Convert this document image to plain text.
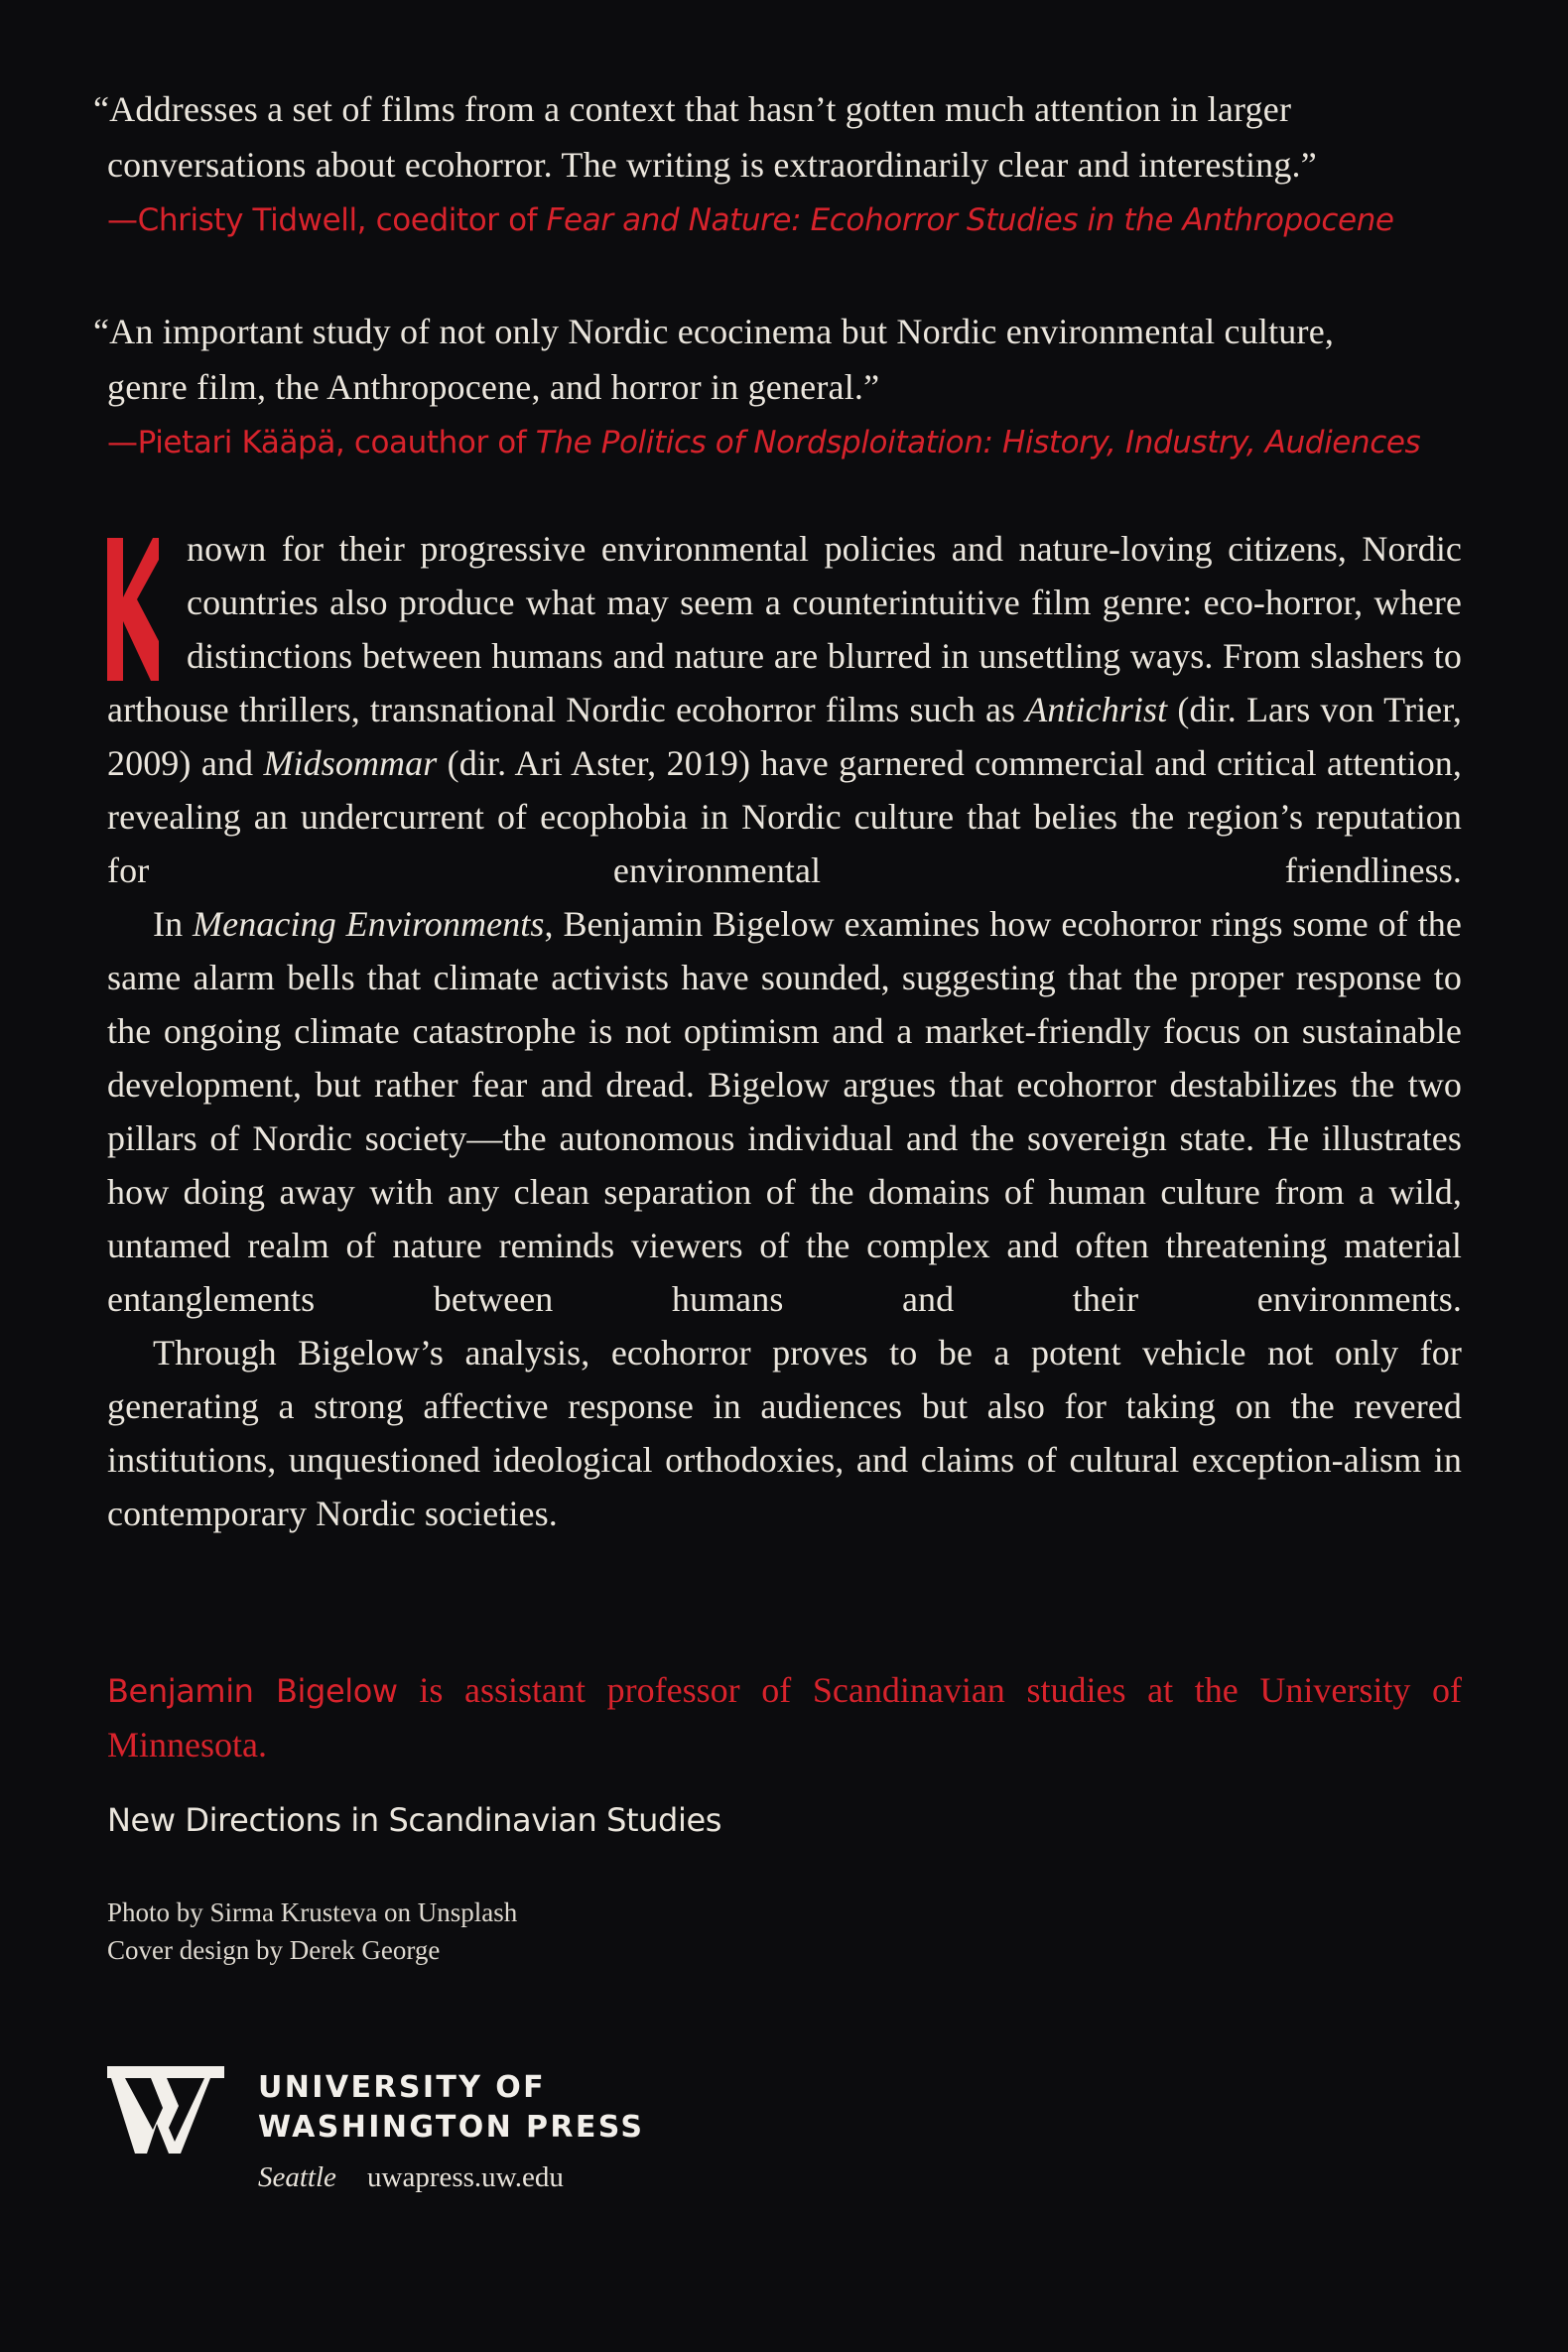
“Addresses a set of films from a context that hasn’t gotten much attention in larger
conversations about ecohorror. The writing is extraordinarily clear and interesting.”
—Christy Tidwell, coeditor of Fear and Nature: Ecohorror Studies in the Anthropocene
“An important study of not only Nordic ecocinema but Nordic environmental culture,
genre film, the Anthropocene, and horror in general.”
—Pietari Kääpä, coauthor of The Politics of Nordsploitation: History, Industry, Audiences

nown for their progressive environmental policies and nature-loving citizens, Nordic countries also produce what may seem a counterintuitive film genre: eco-horror, where distinctions between humans and nature are blurred in unsettling ways. From slashers to arthouse thrillers, transnational Nordic ecohorror films such as Antichrist (dir. Lars von Trier, 2009) and Midsommar (dir. Ari Aster, 2019) have garnered commercial and critical attention, revealing an undercurrent of ecophobia in Nordic culture that belies the region’s reputation for environmental friendliness.

In Menacing Environments, Benjamin Bigelow examines how ecohorror rings some of the same alarm bells that climate activists have sounded, suggesting that the proper response to the ongoing climate catastrophe is not optimism and a market-friendly focus on sustainable development, but rather fear and dread. Bigelow argues that ecohorror destabilizes the two pillars of Nordic society—the autonomous individual and the sovereign state. He illustrates how doing away with any clean separation of the domains of human culture from a wild, untamed realm of nature reminds viewers of the complex and often threatening material entanglements between humans and their environments.

Through Bigelow’s analysis, ecohorror proves to be a potent vehicle not only for generating a strong affective response in audiences but also for taking on the revered institutions, unquestioned ideological orthodoxies, and claims of cultural exception-alism in contemporary Nordic societies.

Benjamin Bigelow is assistant professor of Scandinavian studies at the University of Minnesota.
New Directions in Scandinavian Studies
Photo by Sirma Krusteva on Unsplash
Cover design by Derek George
UNIVERSITY OF
WASHINGTON PRESS
Seattle uwapress.uw.edu
